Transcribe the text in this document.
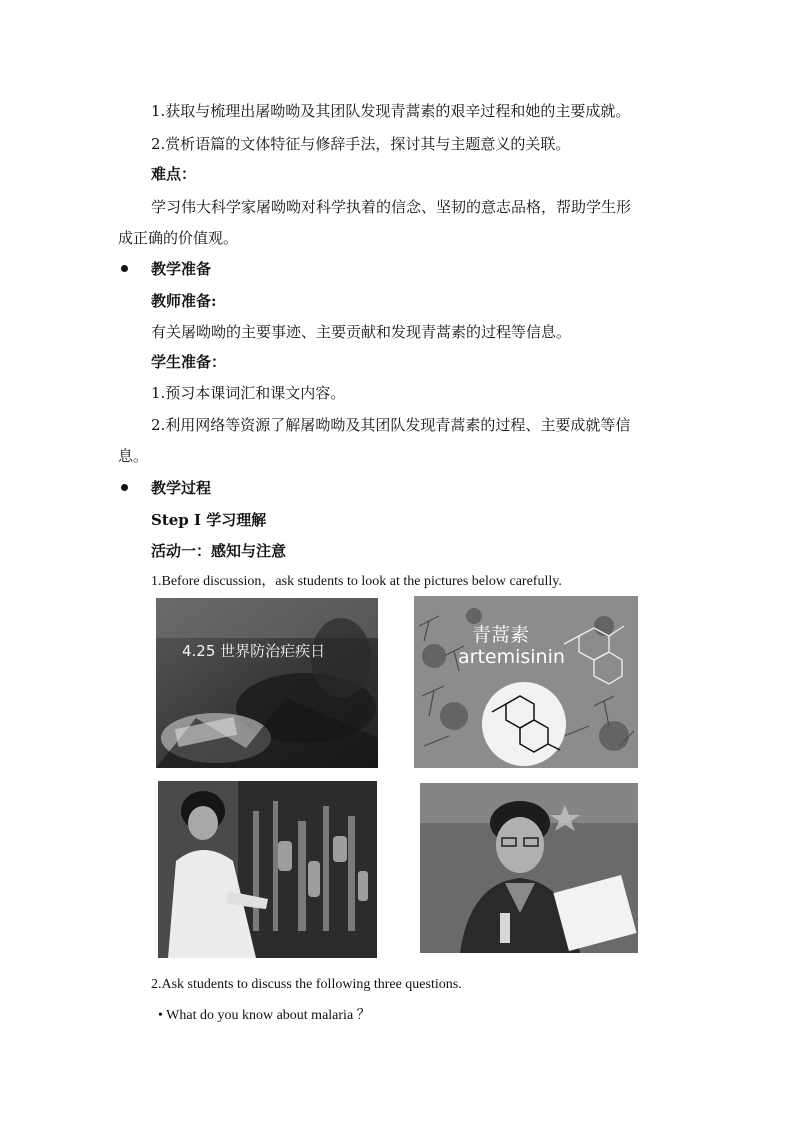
1.获取与梳理出屠呦呦及其团队发现青蒿素的艰辛过程和她的主要成就。
2.赏析语篇的文体特征与修辞手法，探讨其与主题意义的关联。
难点：
学习伟大科学家屠呦呦对科学执着的信念、坚韧的意志品格，帮助学生形
成正确的价值观。
教学准备
教师准备:
有关屠呦呦的主要事迹、主要贡献和发现青蒿素的过程等信息。
学生准备：
1.预习本课词汇和课文内容。
2.利用网络等资源了解屠呦呦及其团队发现青蒿素的过程、主要成就等信
息。
教学过程
Step Ⅰ 学习理解
活动一：感知与注意
1.Before discussion，ask students to look at the pictures below carefully.
4.25 世界防治疟疾日
青蒿素
artemisinin
2.Ask students to discuss the following three questions.
• What do you know about malaria ？
